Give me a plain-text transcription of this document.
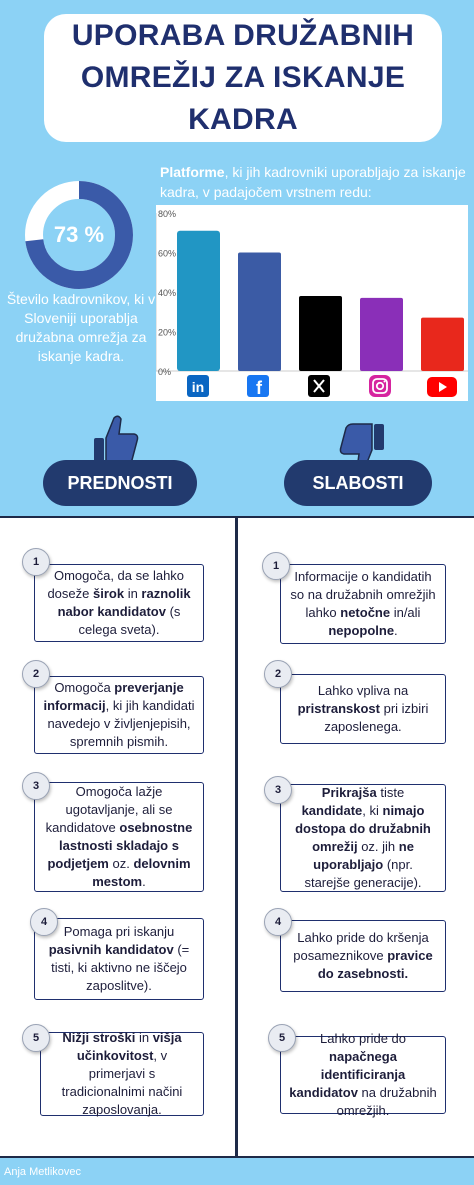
UPORABA DRUŽABNIH OMREŽIJ ZA ISKANJE KADRA
73 %
Število kadrovnikov, ki v Sloveniji uporablja družabna omrežja za iskanje kadra.
Platforme, ki jih kadrovniki uporabljajo za iskanje kadra, v padajočem vrstnem redu:
0%
20%
40%
60%
80%
in	f
PREDNOSTI	SLABOSTI
Omogoča, da se lahko doseže širok in raznolik nabor kandidatov (s celega sveta).
1
Omogoča preverjanje informacij, ki jih kandidati navedejo v življenjepisih, spremnih pismih.
2
Omogoča lažje ugotavljanje, ali se kandidatove osebnostne lastnosti skladajo s podjetjem oz. delovnim mestom.
3
Pomaga pri iskanju pasivnih kandidatov (= tisti, ki aktivno ne iščejo zaposlitve).
4
Nižji stroški in višja učinkovitost, v primerjavi s tradicionalnimi načini zaposlovanja.
5
Informacije o kandidatih so na družabnih omrežjih lahko netočne in/ali nepopolne.
1
Lahko vpliva na pristranskost pri izbiri zaposlenega.
2
Prikrajša tiste kandidate, ki nimajo dostopa do družabnih omrežij oz. jih ne uporabljajo (npr. starejše generacije).
3
Lahko pride do kršenja posameznikove pravice do zasebnosti.
4
Lahko pride do napačnega identificiranja kandidatov na družabnih omrežjih.
5
Anja Metlikovec
